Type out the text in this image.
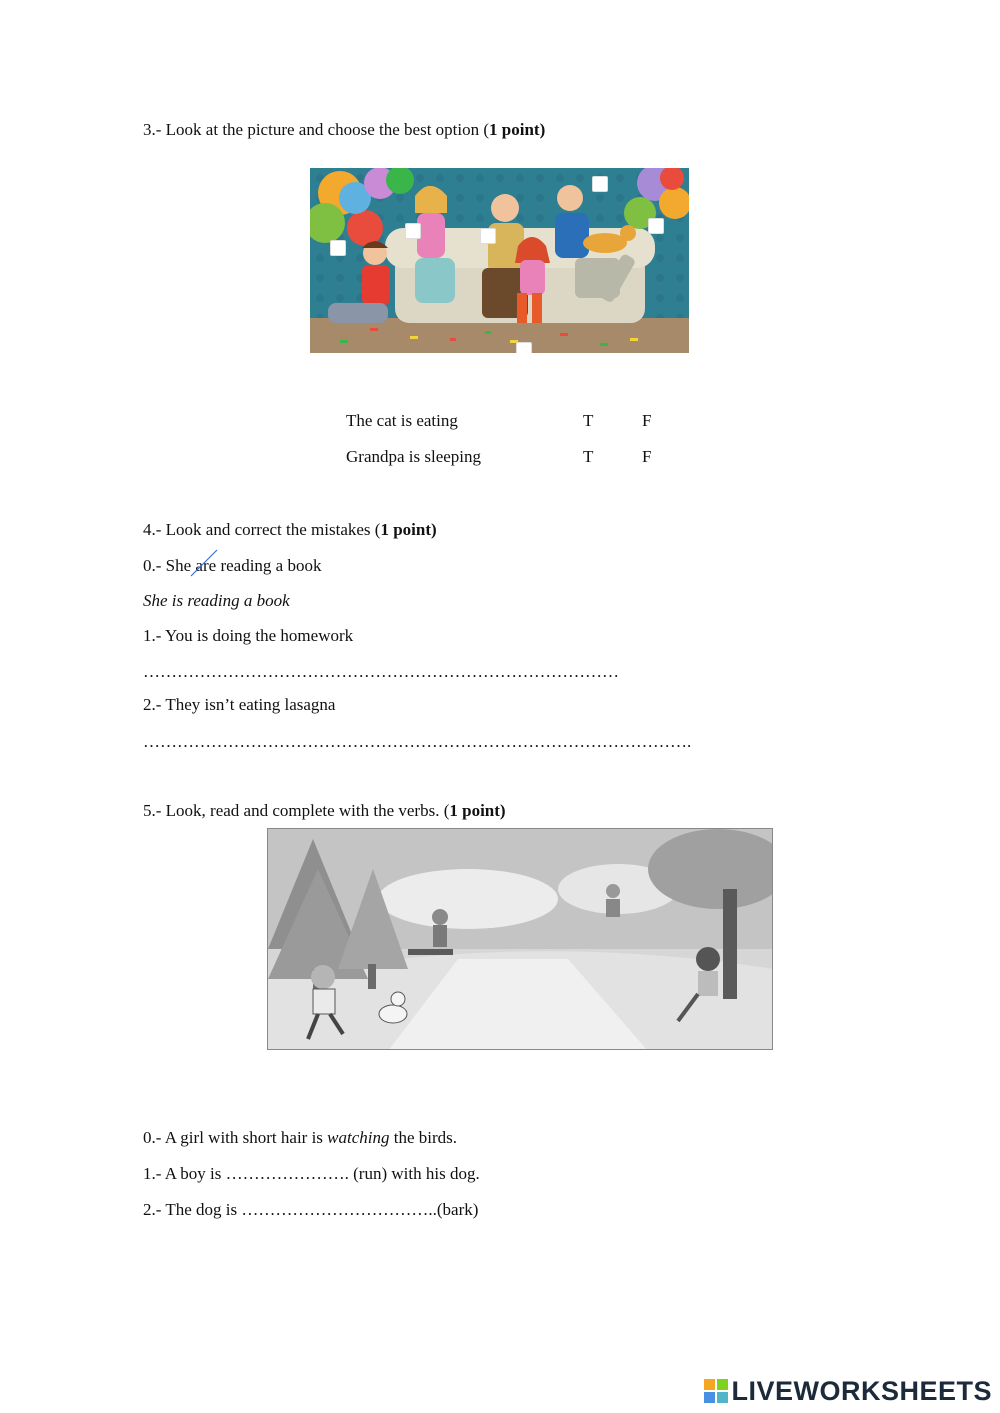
3.- Look at the picture and choose the best option (1 point)
The cat is eating	T	F
Grandpa is sleeping	T	F
4.- Look and correct the mistakes (1 point)
0.- She are
reading a book
She is reading a book
1.- You is doing the homework
…………………………………………………………………………
2.- They isn’t eating lasagna
…………………………………………………………………………………….
5.- Look, read and complete with the verbs. (1 point)
0.- A girl with short hair is watching the birds.
1.- A boy is …………………. (run) with his dog.
2.- The dog is ……………………………..(bark)
LIVEWORKSHEETS
